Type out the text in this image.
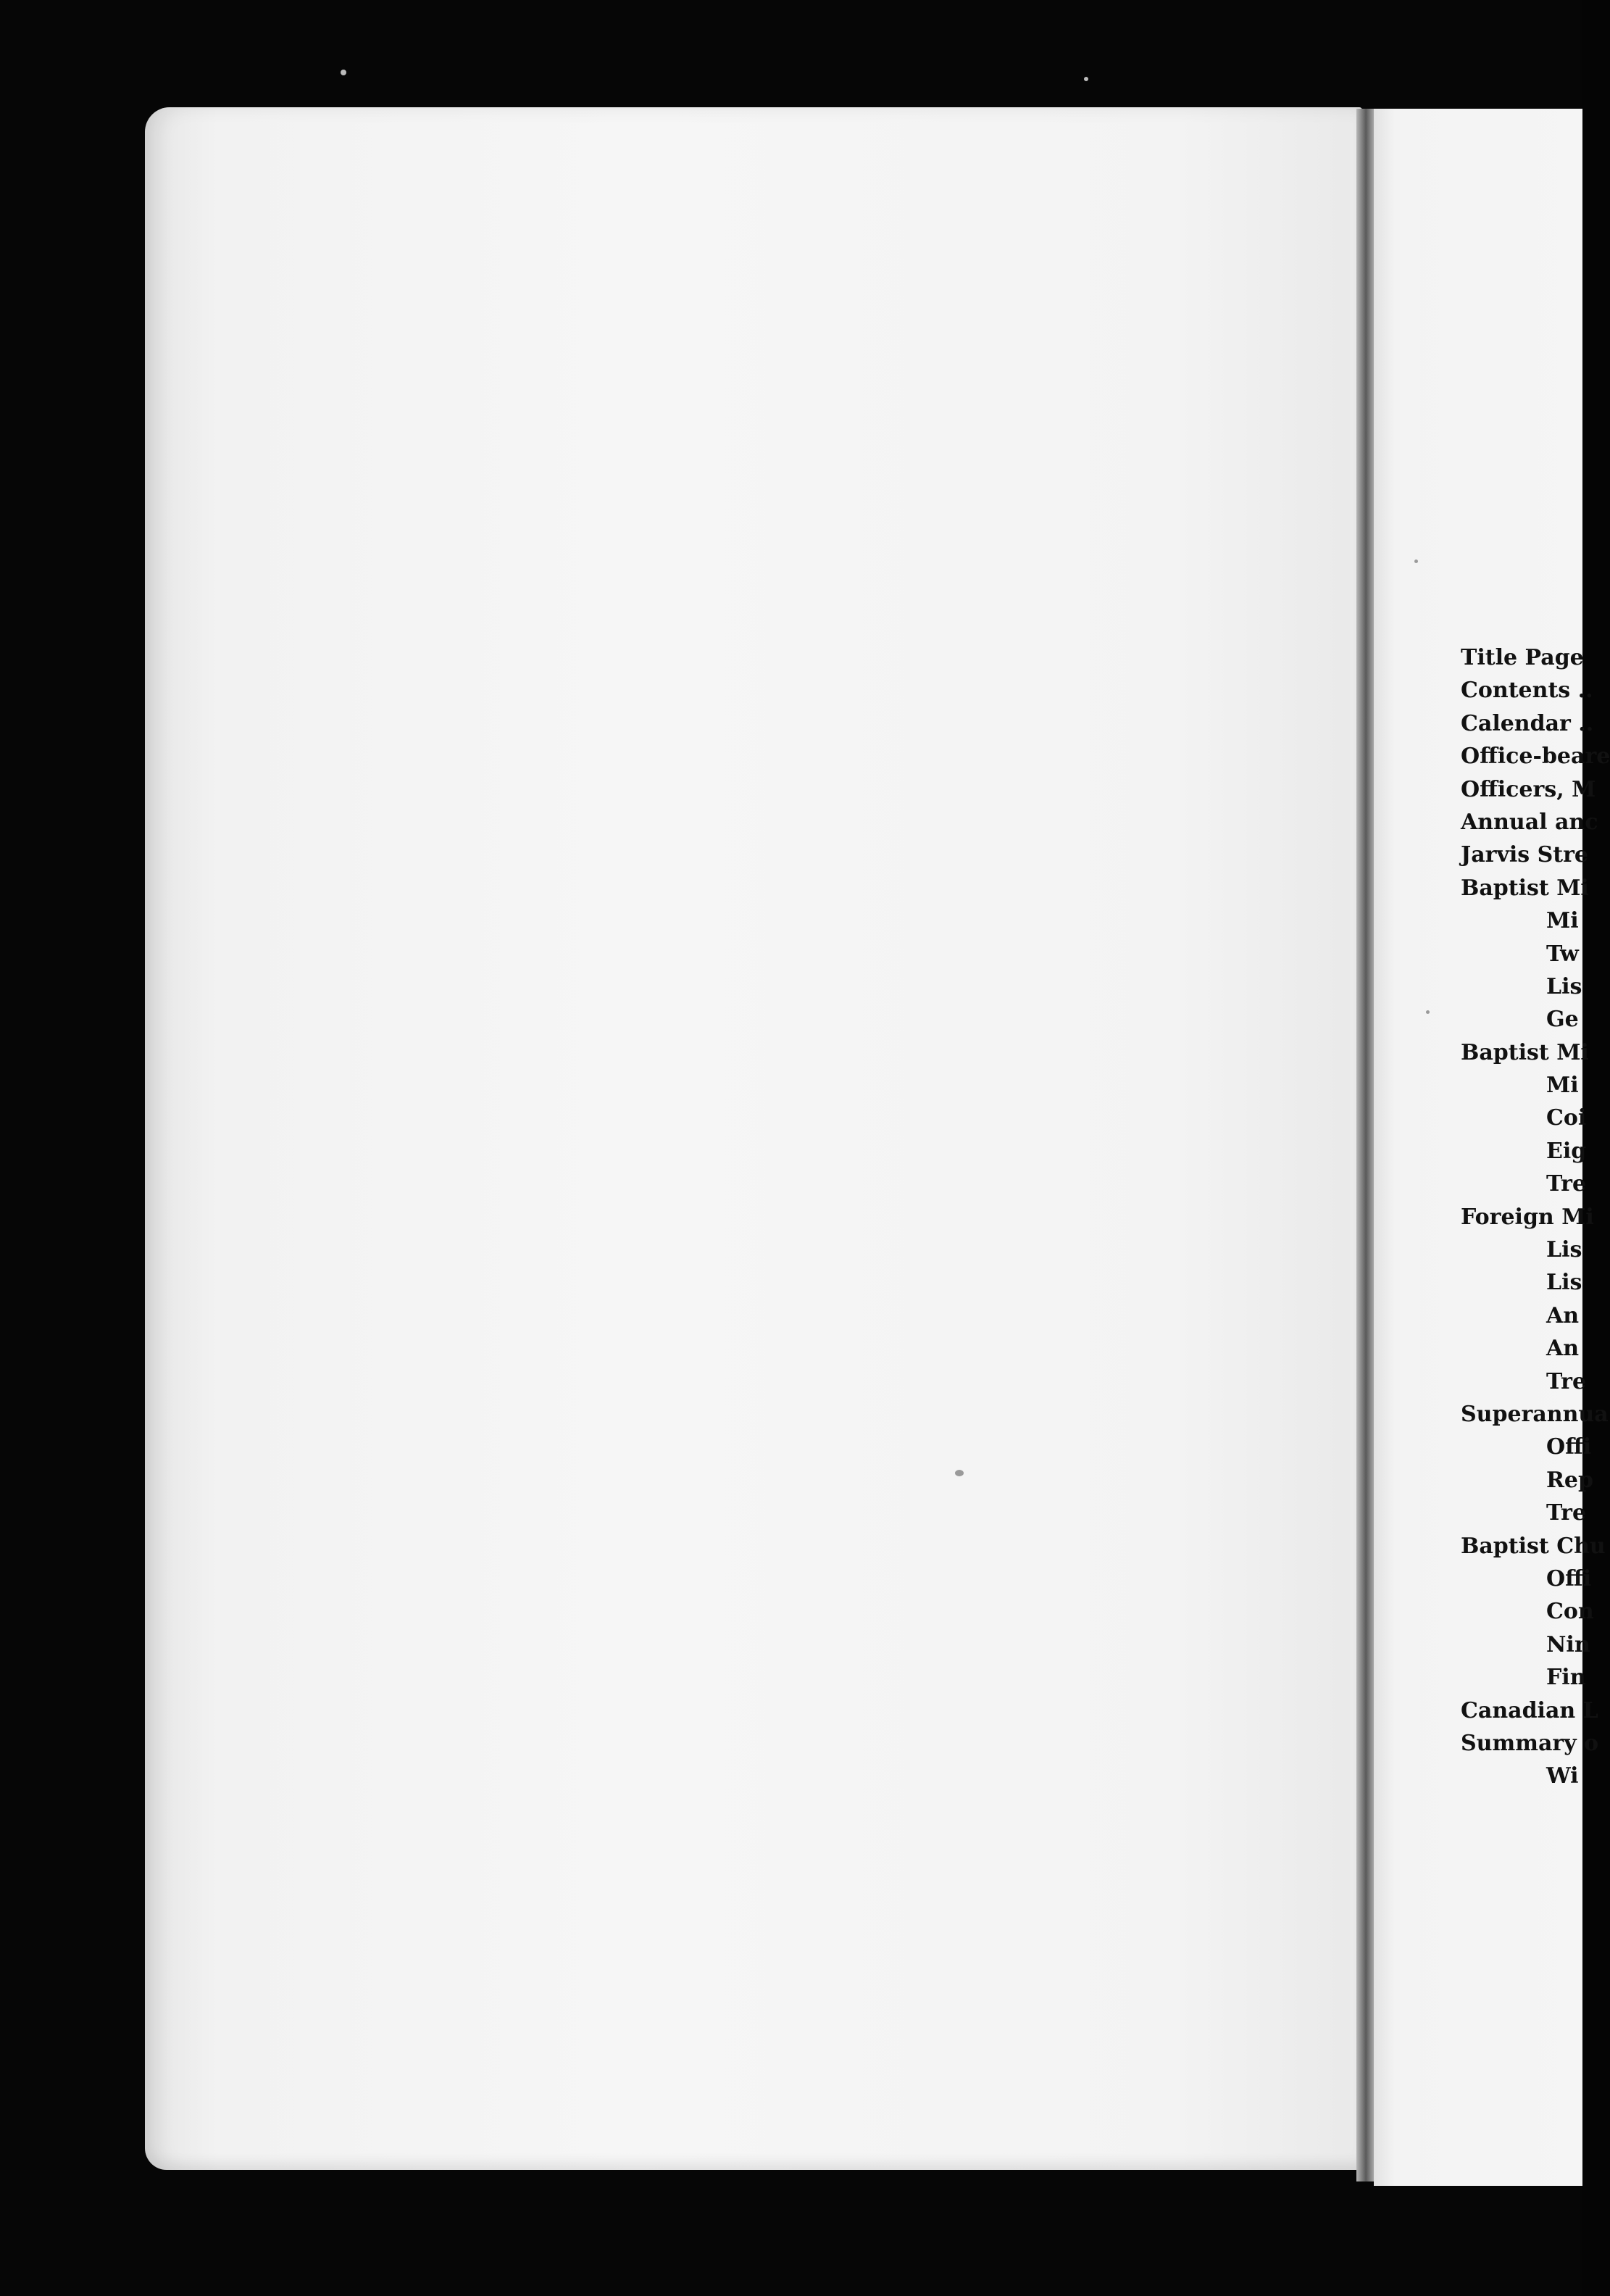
Title Page
Contents ..
Calendar ..
Office-beare
Officers, M
Annual anc
Jarvis Stre
Baptist Mi
Mi
Tw
Lis
Ge
Baptist Mi
Mi
Coi
Eig
Tre
Foreign Mi
Lis
Lis
An
An
Tre
Superannua
Offi
Rep
Tre
Baptist Chu
Offi
Con
Nin
Fin
Canadian L
Summary o
Wi
